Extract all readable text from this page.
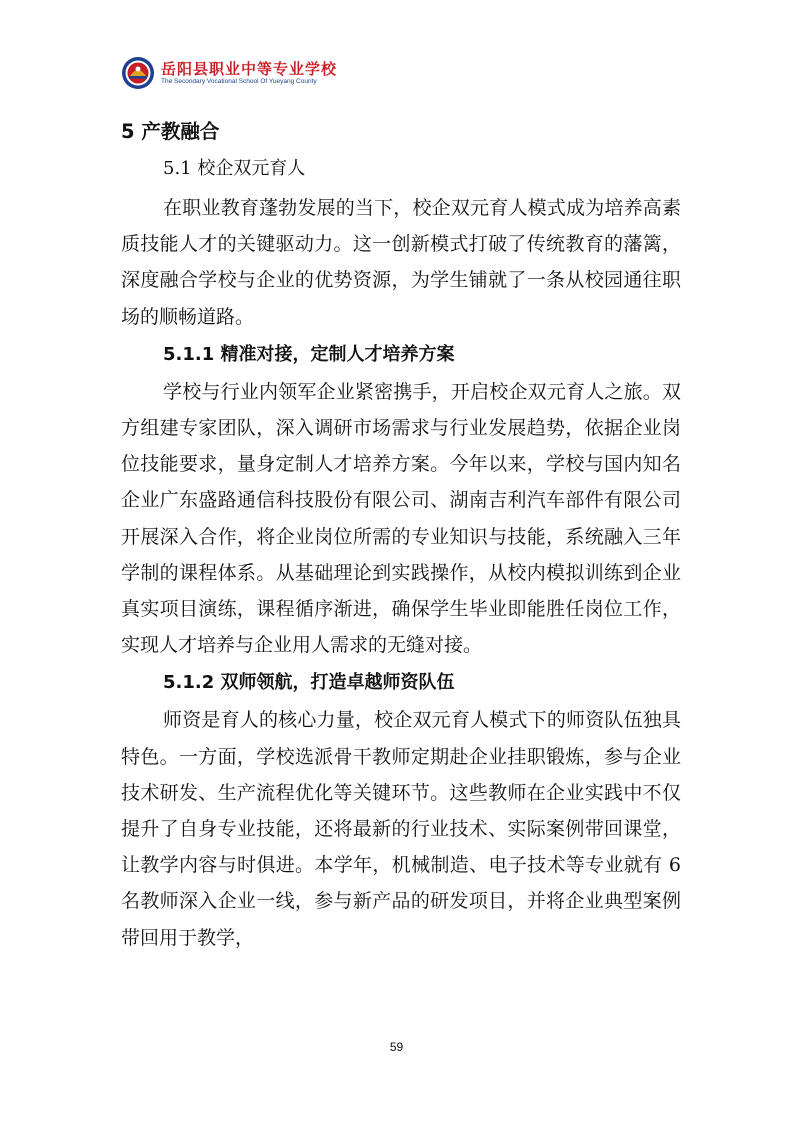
岳阳县职业中等专业学校
The Secondary Vocational School Of Yueyang County
5 产教融合
5.1 校企双元育人

在职业教育蓬勃发展的当下，校企双元育人模式成为培养高素质技能人才的关键驱动力。这一创新模式打破了传统教育的藩篱，深度融合学校与企业的优势资源，为学生铺就了一条从校园通往职场的顺畅道路。

5.1.1 精准对接，定制人才培养方案

学校与行业内领军企业紧密携手，开启校企双元育人之旅。双方组建专家团队，深入调研市场需求与行业发展趋势，依据企业岗位技能要求，量身定制人才培养方案。今年以来，学校与国内知名企业广东盛路通信科技股份有限公司、湖南吉利汽车部件有限公司开展深入合作，将企业岗位所需的专业知识与技能，系统融入三年学制的课程体系。从基础理论到实践操作，从校内模拟训练到企业真实项目演练，课程循序渐进，确保学生毕业即能胜任岗位工作，实现人才培养与企业用人需求的无缝对接。

5.1.2 双师领航，打造卓越师资队伍

师资是育人的核心力量，校企双元育人模式下的师资队伍独具特色。一方面，学校选派骨干教师定期赴企业挂职锻炼，参与企业技术研发、生产流程优化等关键环节。这些教师在企业实践中不仅提升了自身专业技能，还将最新的行业技术、实际案例带回课堂，让教学内容与时俱进。本学年，机械制造、电子技术等专业就有 6 名教师深入企业一线，参与新产品的研发项目，并将企业典型案例带回用于教学，

59
